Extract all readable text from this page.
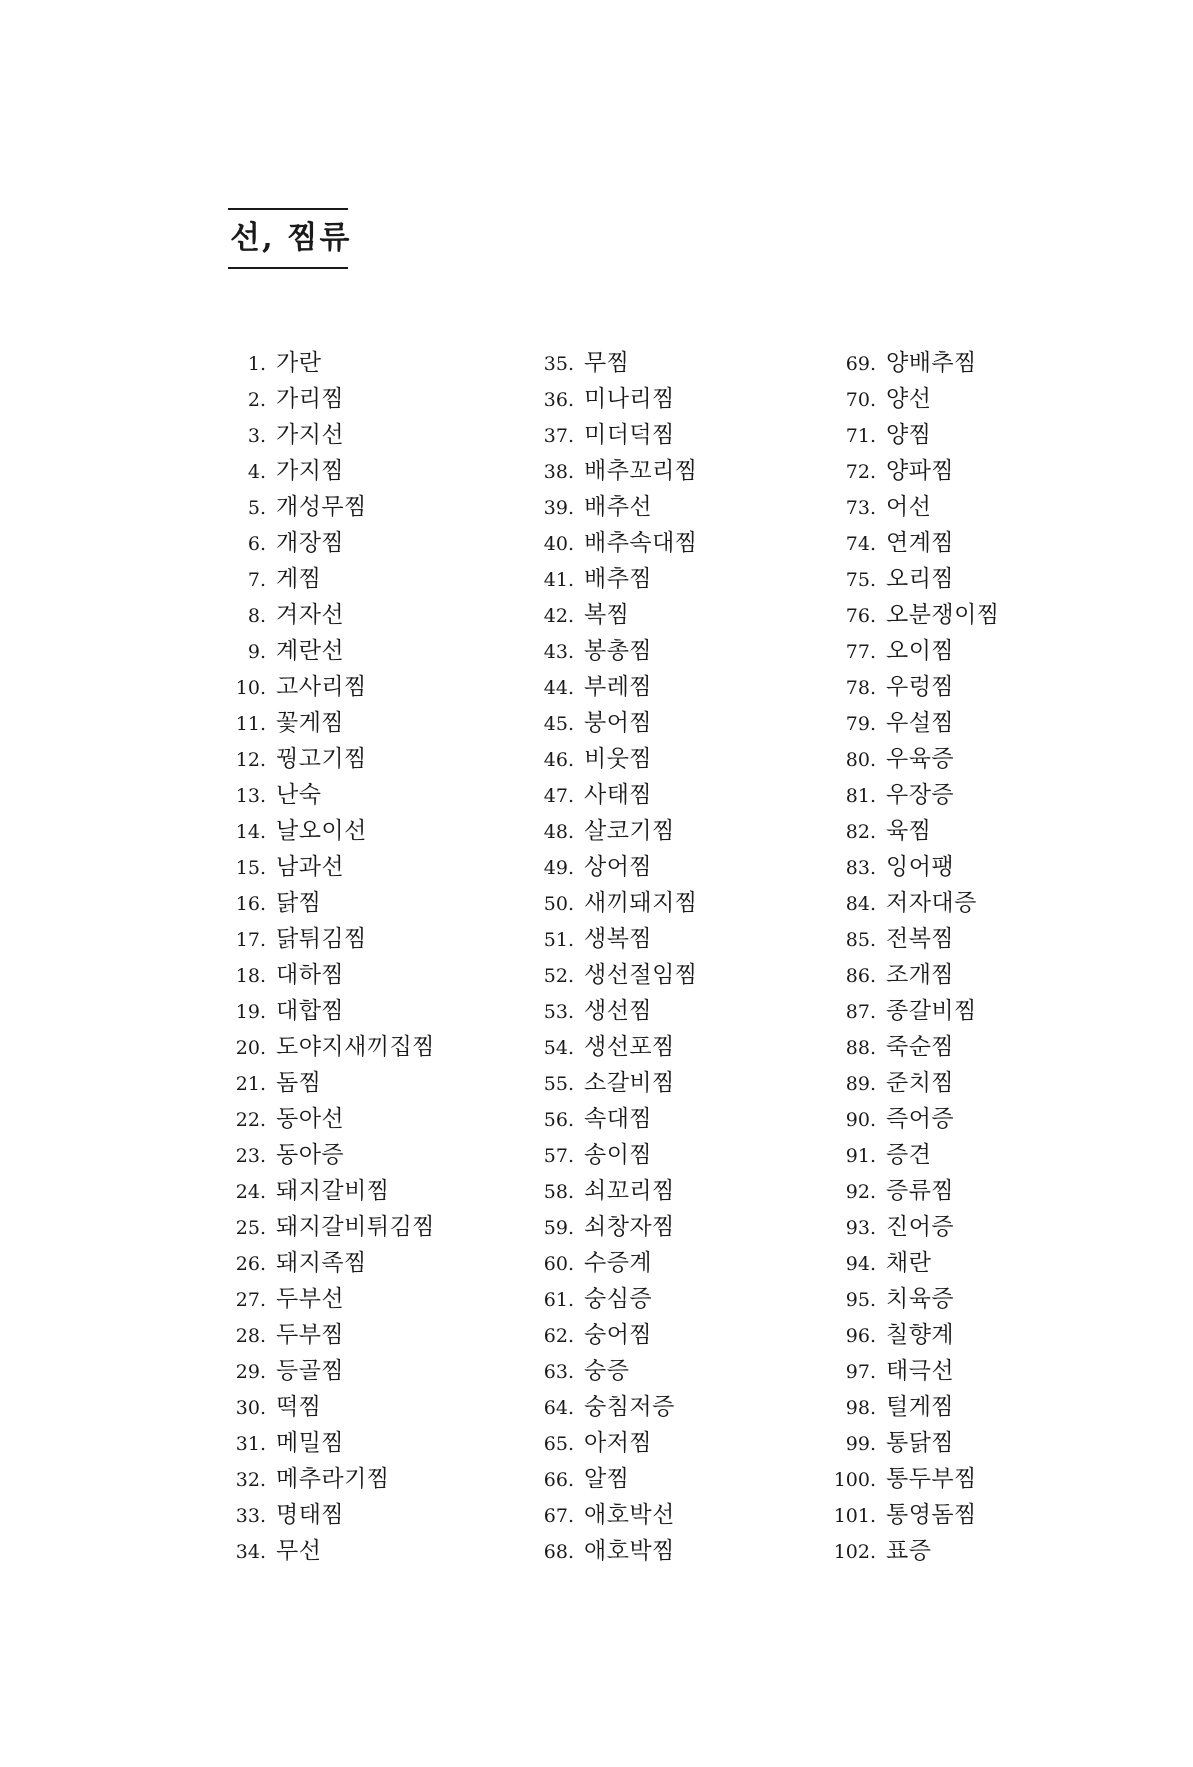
선, 찜류
1. 가란
2. 가리찜
3. 가지선
4. 가지찜
5. 개성무찜
6. 개장찜
7. 게찜
8. 겨자선
9. 계란선
10. 고사리찜
11. 꽃게찜
12. 꿩고기찜
13. 난숙
14. 날오이선
15. 남과선
16. 닭찜
17. 닭튀김찜
18. 대하찜
19. 대합찜
20. 도야지새끼집찜
21. 돔찜
22. 동아선
23. 동아증
24. 돼지갈비찜
25. 돼지갈비튀김찜
26. 돼지족찜
27. 두부선
28. 두부찜
29. 등골찜
30. 떡찜
31. 메밀찜
32. 메추라기찜
33. 명태찜
34. 무선
35. 무찜
36. 미나리찜
37. 미더덕찜
38. 배추꼬리찜
39. 배추선
40. 배추속대찜
41. 배추찜
42. 복찜
43. 봉총찜
44. 부레찜
45. 붕어찜
46. 비웃찜
47. 사태찜
48. 살코기찜
49. 상어찜
50. 새끼돼지찜
51. 생복찜
52. 생선절임찜
53. 생선찜
54. 생선포찜
55. 소갈비찜
56. 속대찜
57. 송이찜
58. 쇠꼬리찜
59. 쇠창자찜
60. 수증계
61. 숭심증
62. 숭어찜
63. 숭증
64. 숭침저증
65. 아저찜
66. 알찜
67. 애호박선
68. 애호박찜
69. 양배추찜
70. 양선
71. 양찜
72. 양파찜
73. 어선
74. 연계찜
75. 오리찜
76. 오분쟁이찜
77. 오이찜
78. 우렁찜
79. 우설찜
80. 우육증
81. 우장증
82. 육찜
83. 잉어팽
84. 저자대증
85. 전복찜
86. 조개찜
87. 종갈비찜
88. 죽순찜
89. 준치찜
90. 즉어증
91. 증견
92. 증류찜
93. 진어증
94. 채란
95. 치육증
96. 칠향계
97. 태극선
98. 털게찜
99. 통닭찜
100. 통두부찜
101. 통영돔찜
102. 표증
